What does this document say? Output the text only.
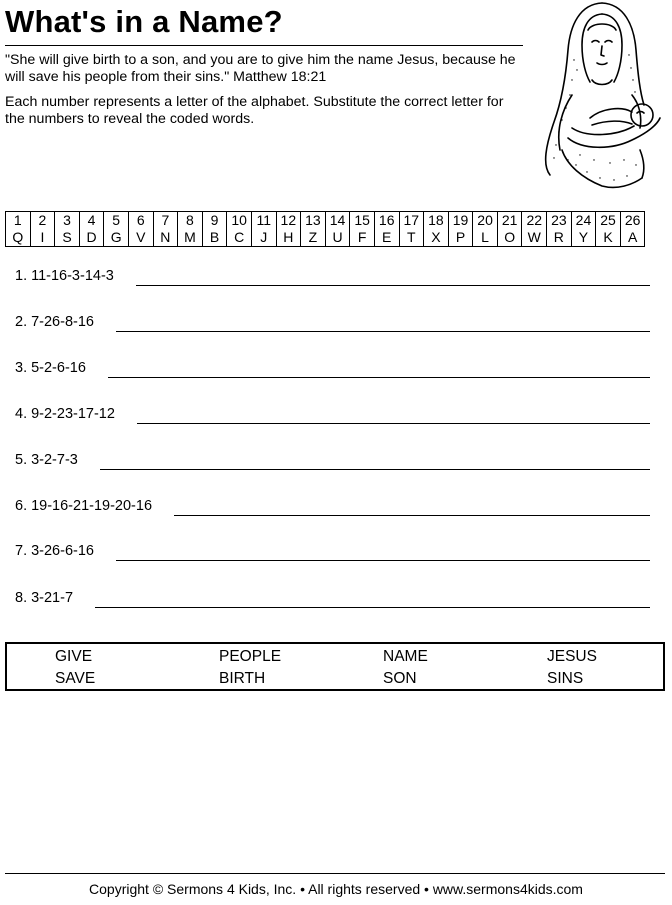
What's in a Name?
"She will give birth to a son, and you are to give him the name Jesus, because he will save his people from their sins." Matthew 18:21
Each number represents a letter of the alphabet. Substitute the correct letter for the numbers to reveal the coded words.
1
Q

2
I

3
S

4
D

5
G

6
V

7
N

8
M

9
B

10
C

11
J

12
H

13
Z

14
U

15
F

16
E

17
T

18
X

19
P

20
L

21
O

22
W

23
R

24
Y

25
K

26
A
1. 11-16-3-14-3
2. 7-26-8-16
3. 5-2-6-16
4. 9-2-23-17-12
5. 3-2-7-3
6. 19-16-21-19-20-16
7. 3-26-6-16
8. 3-21-7
GIVE	PEOPLE	NAME	JESUS
SAVE	BIRTH	SON	SINS
Copyright © Sermons 4 Kids, Inc. • All rights reserved • www.sermons4kids.com
